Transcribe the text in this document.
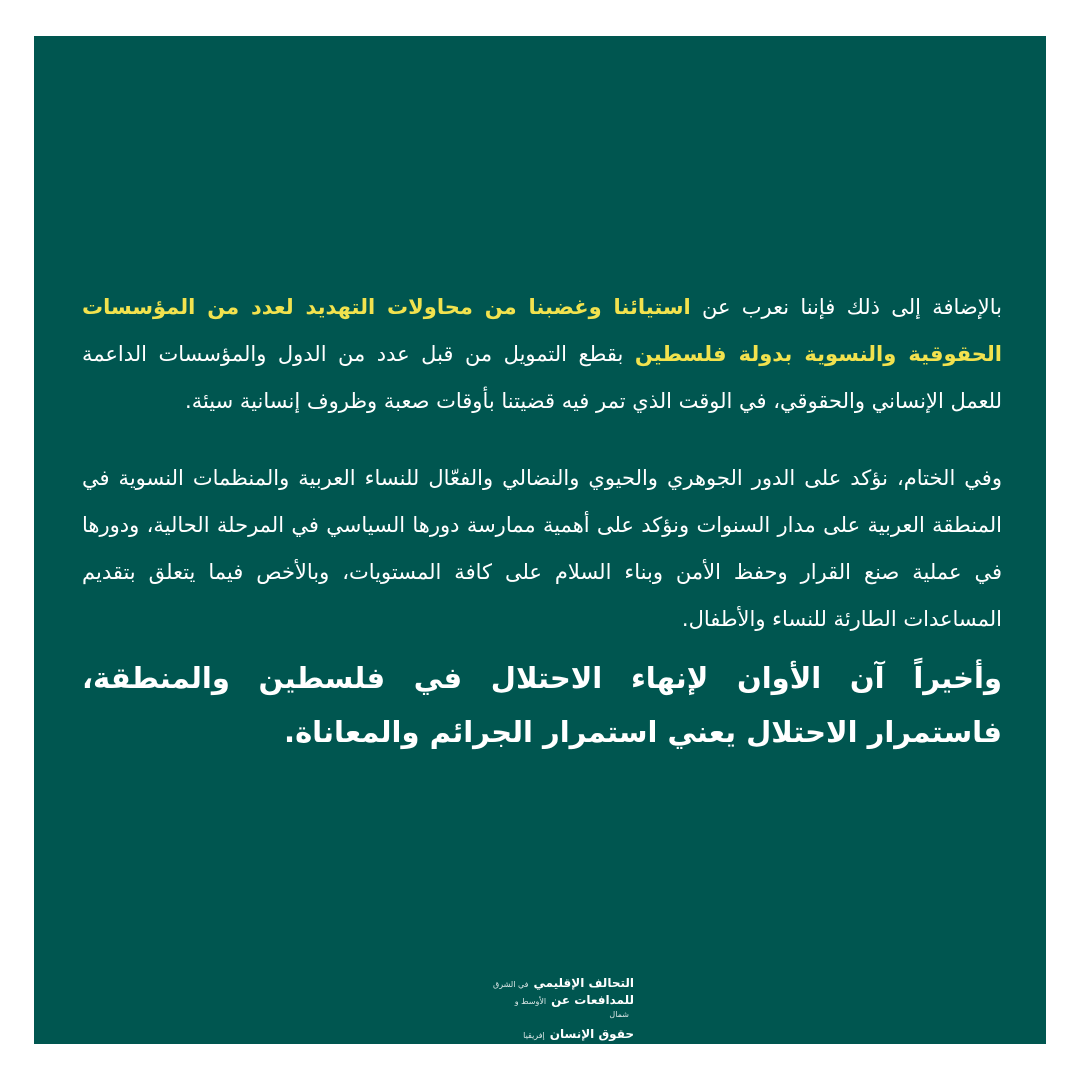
بالإضافة إلى ذلك فإننا نعرب عن استيائنا وغضبنا من محاولات التهديد لعدد من المؤسسات الحقوقية والنسوية بدولة فلسطين بقطع التمويل من قبل عدد من الدول والمؤسسات الداعمة للعمل الإنساني والحقوقي، في الوقت الذي تمر فيه قضيتنا بأوقات صعبة وظروف إنسانية سيئة.

وفي الختام، نؤكد على الدور الجوهري والحيوي والنضالي والفعّال للنساء العربية والمنظمات النسوية في المنطقة العربية على مدار السنوات ونؤكد على أهمية ممارسة دورها السياسي في المرحلة الحالية، ودورها في عملية صنع القرار وحفظ الأمن وبناء السلام على كافة المستويات، وبالأخص فيما يتعلق بتقديم المساعدات الطارئة للنساء والأطفال.

وأخيراً آن الأوان لإنهاء الاحتلال في فلسطين والمنطقة، فاستمرار الاحتلال يعني استمرار الجرائم والمعاناة.

التحالف الإقليمي
في الشرق
للمدافعات عن
الأوسط و
شمال
حقوق الإنسان
إفريقيا
